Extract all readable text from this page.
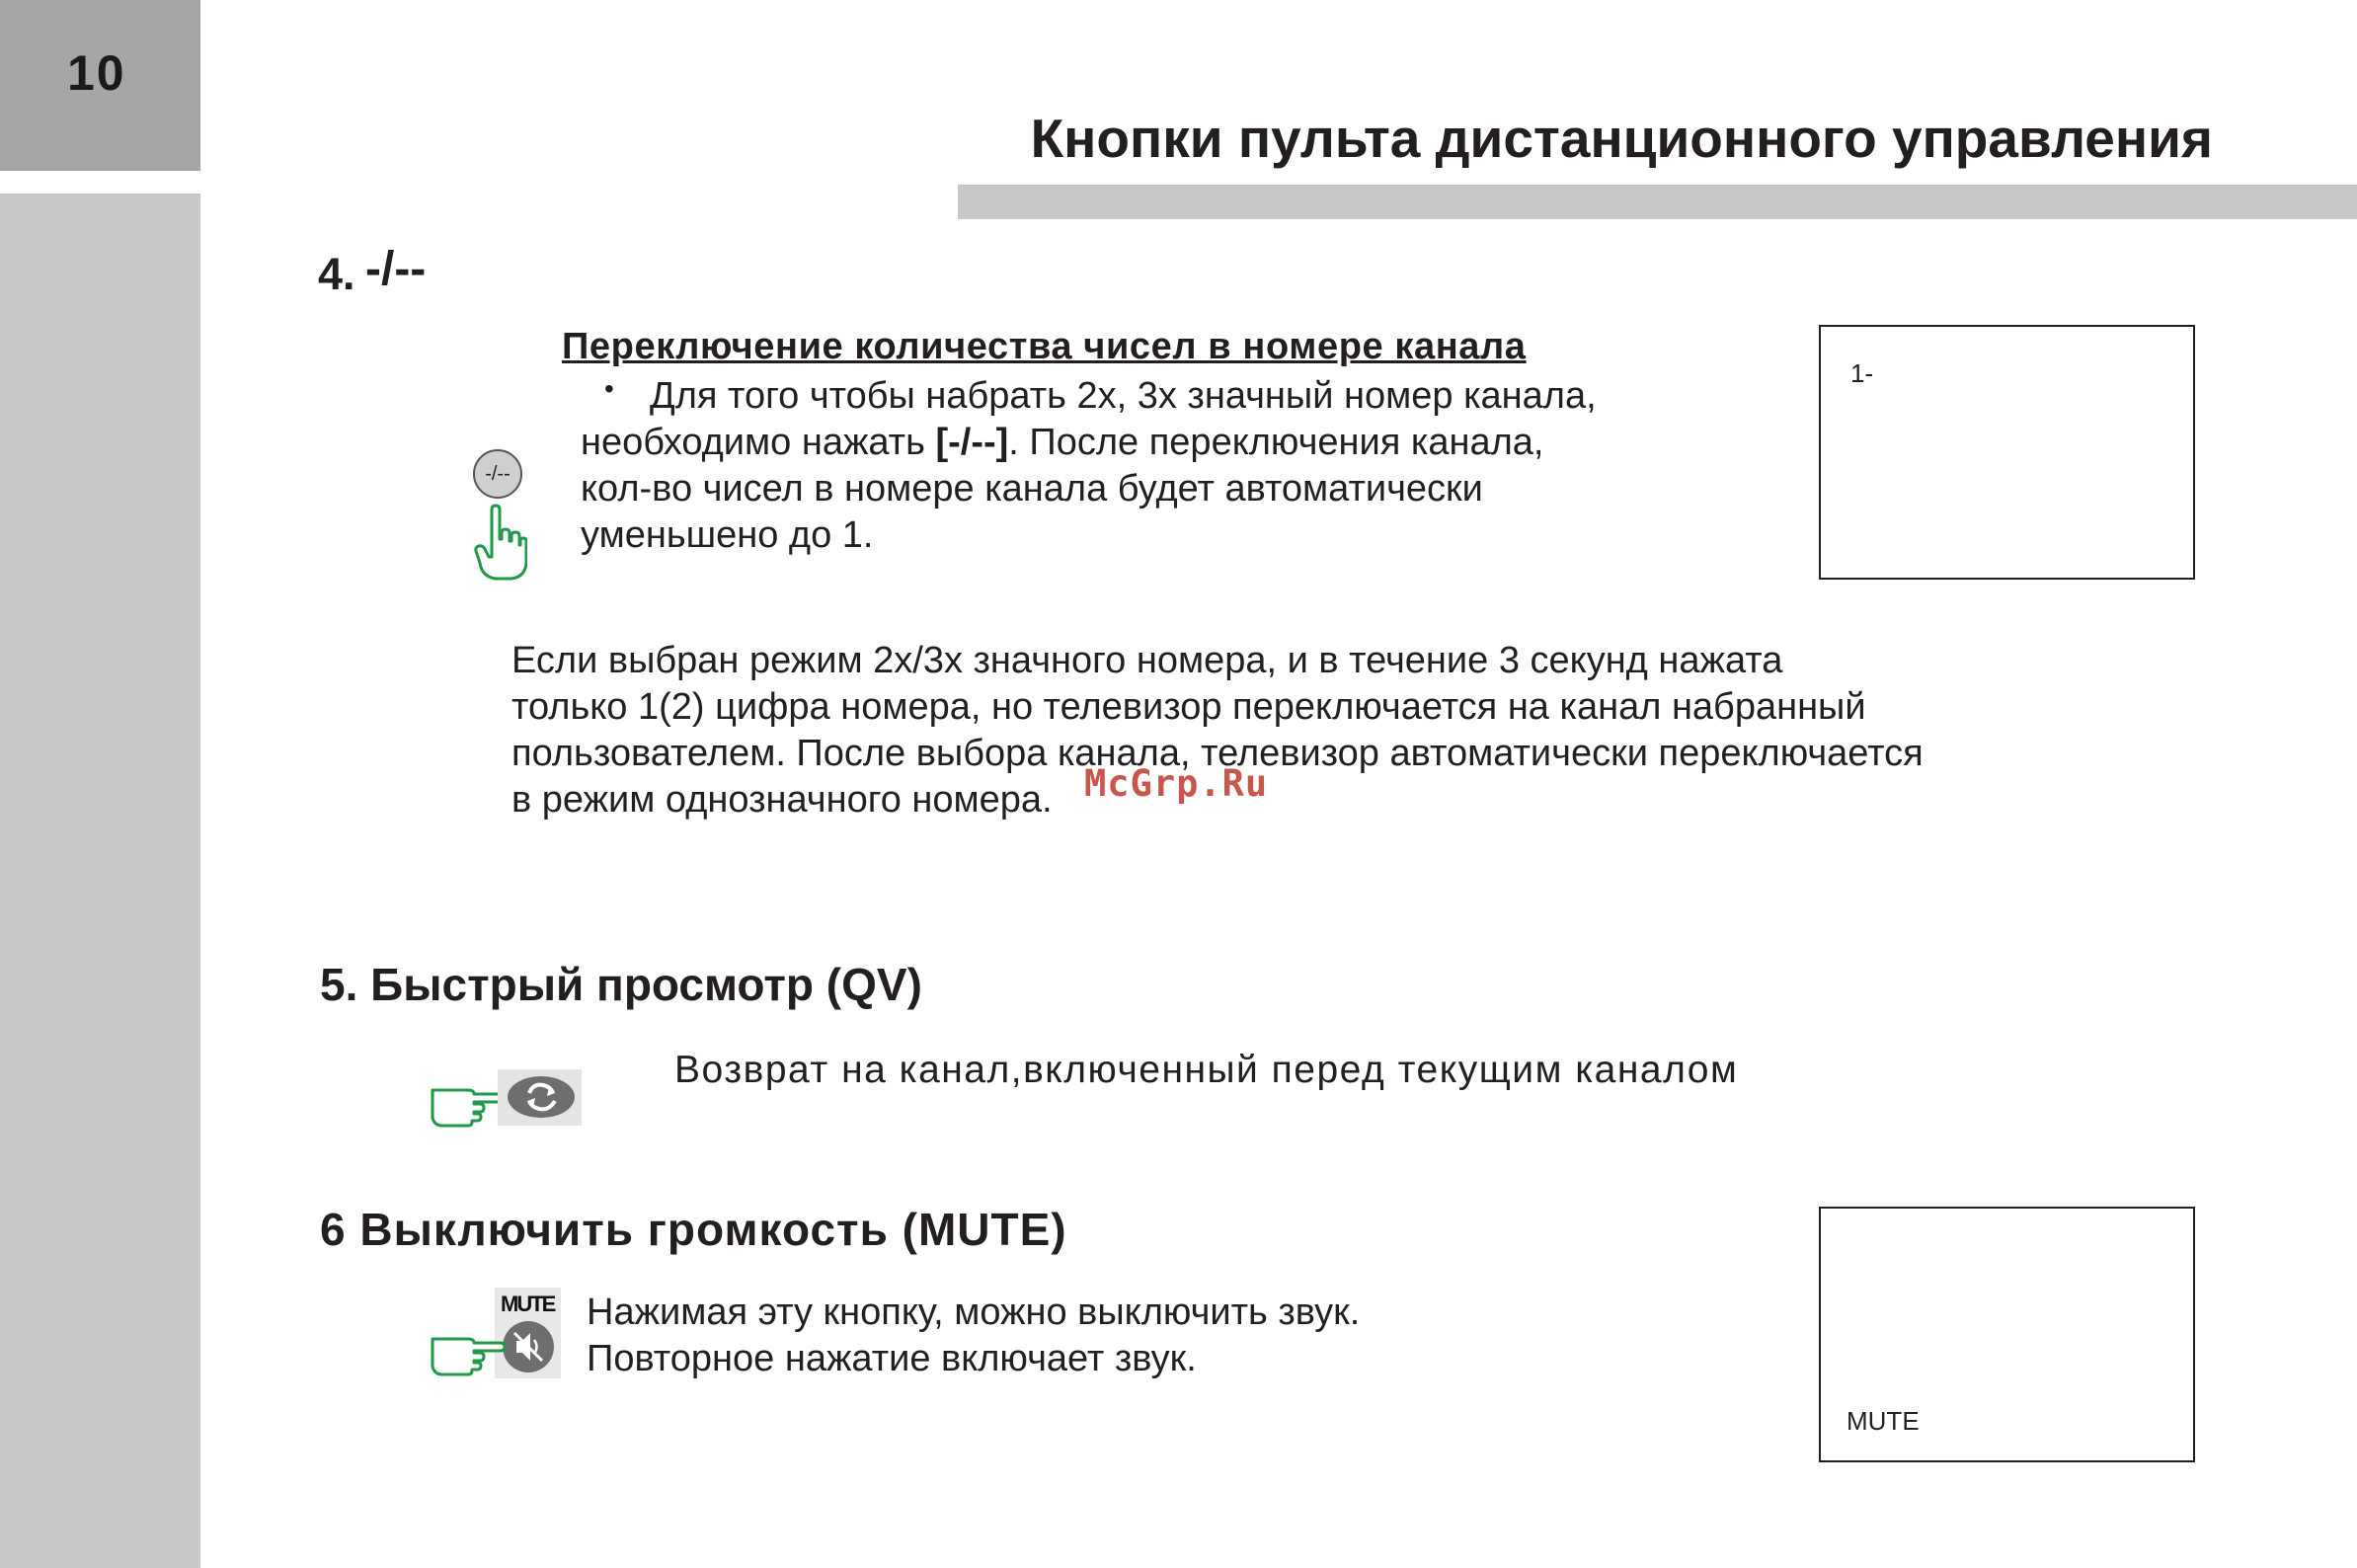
10
Кнопки пульта дистанционного управления
4. -/--
Переключение количества чисел в номере канала
• Для того чтобы набрать 2х, 3х значный номер канала,
необходимо нажать [-/--]. После переключения канала,
кол-во чисел в номере канала будет автоматически
уменьшено до 1.
-/--
1-
Если выбран режим 2х/3х значного номера, и в течение 3 секунд нажата
только 1(2) цифра номера, но телевизор переключается на канал набранный
пользователем. После выбора канала, телевизор автоматически переключается
в режим однозначного номера. McGrp.Ru
5. Быстрый просмотр (QV)
Возврат на канал,включенный перед текущим каналом
6 Выключить громкость (MUTE)
MUTE Нажимая эту кнопку, можно выключить звук.
Повторное нажатие включает звук.
MUTE
